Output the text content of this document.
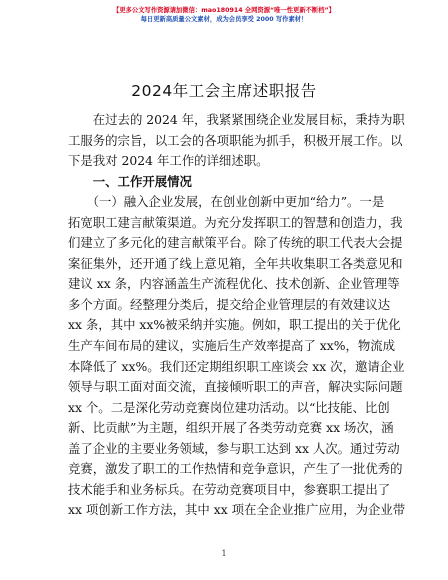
【更多公文写作资源请加微信：mao180914 全网资源“唯一性更新不断档”】
每日更新高质量公文素材，成为会员享受 2000 写作素材！
2024年工会主席述职报告
　　在过去的 2024 年，我紧紧围绕企业发展目标，秉持为职
工服务的宗旨，以工会的各项职能为抓手，积极开展工作。以
下是我对 2024 年工作的详细述职。
　　一、工作开展情况
　　（一）融入企业发展，在创业创新中更加“给力”。一是
拓宽职工建言献策渠道。为充分发挥职工的智慧和创造力，我
们建立了多元化的建言献策平台。除了传统的职工代表大会提
案征集外，还开通了线上意见箱，全年共收集职工各类意见和
建议 xx 条，内容涵盖生产流程优化、技术创新、企业管理等
多个方面。经整理分类后，提交给企业管理层的有效建议达
xx 条，其中 xx%被采纳并实施。例如，职工提出的关于优化
生产车间布局的建议，实施后生产效率提高了 xx%，物流成
本降低了 xx%。我们还定期组织职工座谈会 xx 次，邀请企业
领导与职工面对面交流，直接倾听职工的声音，解决实际问题
xx 个。二是深化劳动竞赛岗位建功活动。以“比技能、比创
新、比贡献”为主题，组织开展了各类劳动竞赛 xx 场次，涵
盖了企业的主要业务领域，参与职工达到 xx 人次。通过劳动
竞赛，激发了职工的工作热情和竞争意识，产生了一批优秀的
技术能手和业务标兵。在劳动竞赛项目中，参赛职工提出了
xx 项创新工作方法，其中 xx 项在全企业推广应用，为企业带
1
